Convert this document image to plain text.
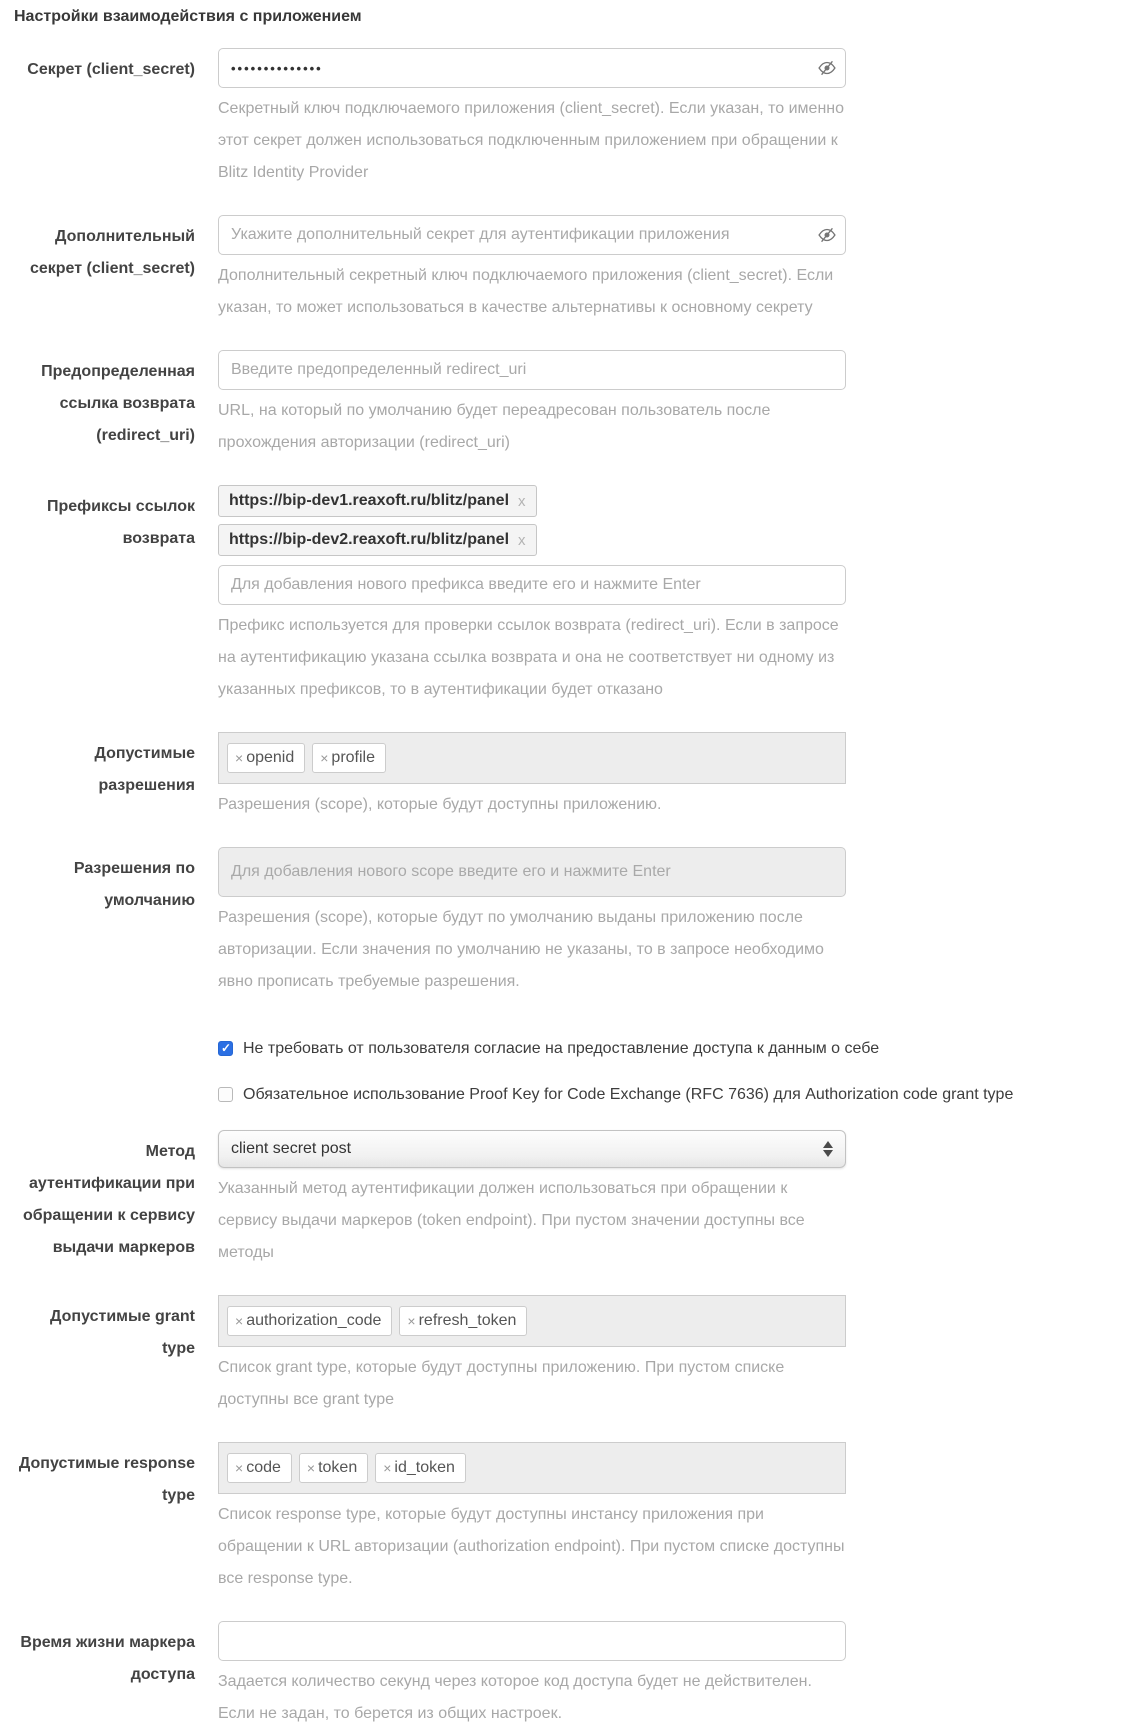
Настройки взаимодействия с приложением
Секрет (client_secret)
••••••••••••••

Секретный ключ подключаемого приложения (client_secret). Если указан, то именно этот секрет должен использоваться подключенным приложением при обращении к Blitz Identity Provider

Дополнительный секрет (client_secret)
Укажите дополнительный секрет для аутентификации приложения Дополнительный секретный ключ подключаемого приложения (client_secret). Если указан, то может использоваться в качестве альтернативы к основному секрету

Предопределенная ссылка возврата (redirect_uri)
Введите предопределенный redirect_uri

URL, на который по умолчанию будет переадресован пользователь после прохождения авторизации (redirect_uri)

Префиксы ссылок возврата
https://bip-dev1.reaxoft.ru/blitz/panel x
https://bip-dev2.reaxoft.ru/blitz/panel x
Для добавления нового префикса введите его и нажмите Enter

Префикс используется для проверки ссылок возврата (redirect_uri). Если в запросе на аутентификацию указана ссылка возврата и она не соответствует ни одному из указанных префиксов, то в аутентификации будет отказано

Допустимые разрешения
× openid × profile

Разрешения (scope), которые будут доступны приложению.

Разрешения по умолчанию
Для добавления нового scope введите его и нажмите Enter

Разрешения (scope), которые будут по умолчанию выданы приложению после авторизации. Если значения по умолчанию не указаны, то в запросе необходимо явно прописать требуемые разрешения.

Не требовать от пользователя согласие на предоставление доступа к данным о себе
Обязательное использование Proof Key for Code Exchange (RFC 7636) для Authorization code grant type
Метод аутентификации при обращении к сервису выдачи маркеров
client secret post

Указанный метод аутентификации должен использоваться при обращении к сервису выдачи маркеров (token endpoint). При пустом значении доступны все методы

Допустимые grant type
× authorization_code × refresh_token

Список grant type, которые будут доступны приложению. При пустом списке доступны все grant type

Допустимые response type
× code × token × id_token

Список response type, которые будут доступны инстансу приложения при обращении к URL авторизации (authorization endpoint). При пустом списке доступны все response type.

Время жизни маркера доступа Задается количество секунд через которое код доступа будет не действителен. Если не задан, то берется из общих настроек.
